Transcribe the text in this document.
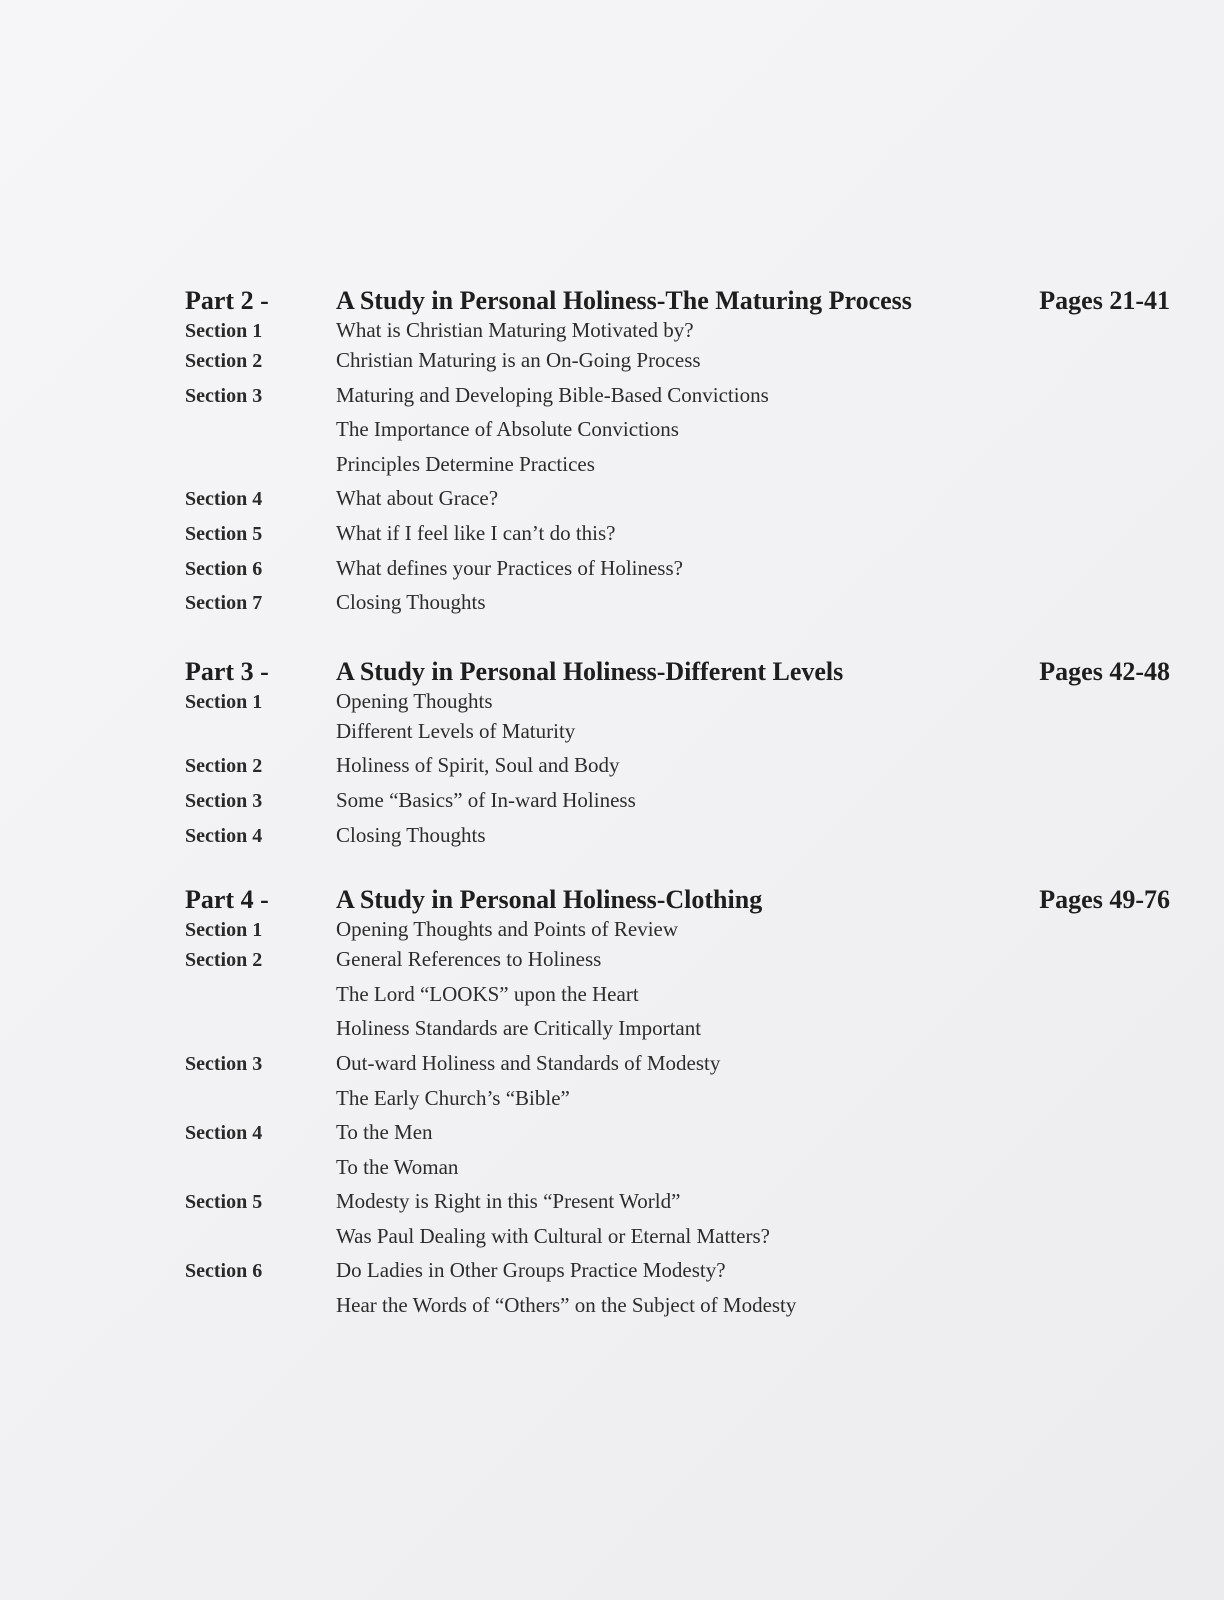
Part 2 -	A Study in Personal Holiness-The Maturing Process	Pages 21-41
Section 1	What is Christian Maturing Motivated by?
Section 2	Christian Maturing is an On-Going Process
Section 3	Maturing and Developing Bible-Based Convictions
The Importance of Absolute Convictions
Principles Determine Practices
Section 4	What about Grace?
Section 5	What if I feel like I can’t do this?
Section 6	What defines your Practices of Holiness?
Section 7	Closing Thoughts
Part 3 -	A Study in Personal Holiness-Different Levels	Pages 42-48
Section 1	Opening Thoughts
Different Levels of Maturity
Section 2	Holiness of Spirit, Soul and Body
Section 3	Some “Basics” of In-ward Holiness
Section 4	Closing Thoughts
Part 4 -	A Study in Personal Holiness-Clothing	Pages 49-76
Section 1	Opening Thoughts and Points of Review
Section 2	General References to Holiness
The Lord “LOOKS” upon the Heart
Holiness Standards are Critically Important
Section 3	Out-ward Holiness and Standards of Modesty
The Early Church’s “Bible”
Section 4	To the Men
To the Woman
Section 5	Modesty is Right in this “Present World”
Was Paul Dealing with Cultural or Eternal Matters?
Section 6	Do Ladies in Other Groups Practice Modesty?
Hear the Words of “Others” on the Subject of Modesty
